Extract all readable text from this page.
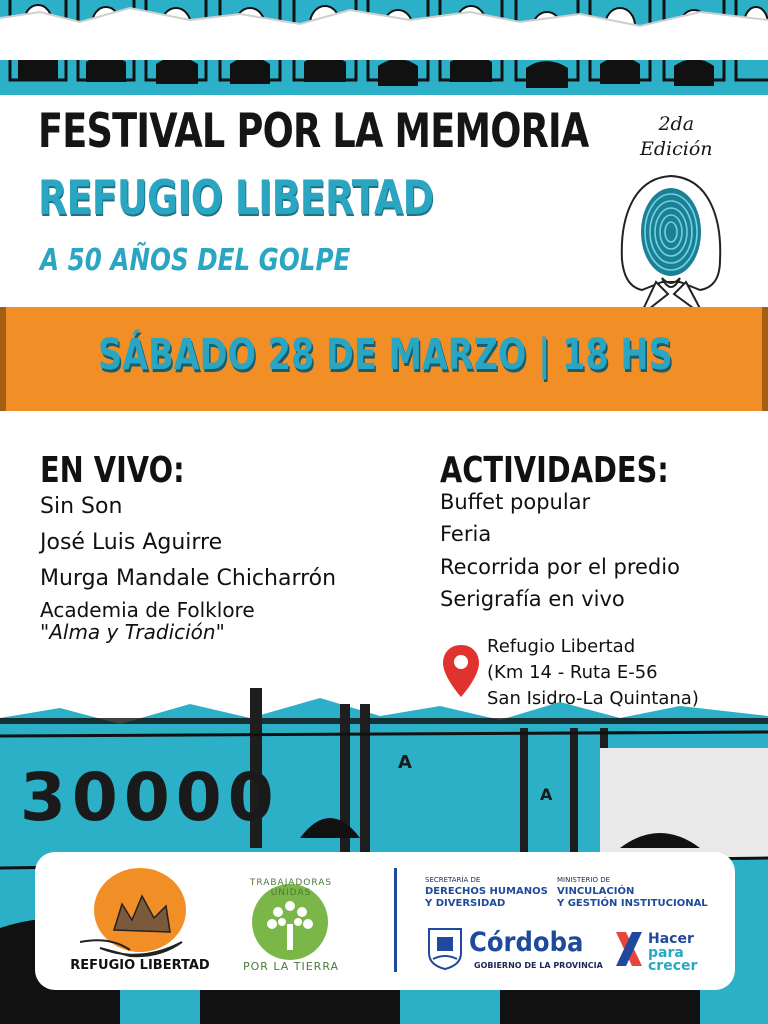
FESTIVAL POR LA MEMORIA	2da
Edición
REFUGIO LIBERTAD
A 50 AÑOS DEL GOLPE
SÁBADO 28 DE MARZO | 18 HS
EN VIVO:
Sin Son
José Luis Aguirre
Murga Mandale Chicharrón
Academia de Folklore
"Alma y Tradición"
ACTIVIDADES:
Buffet popular
Feria
Recorrida por el predio
Serigrafía en vivo
Refugio Libertad
(Km 14 - Ruta E-56
San Isidro-La Quintana)
30000	A
A
REFUGIO LIBERTAD
TRABAJADORAS UNIDAS
POR LA TIERRA
SECRETARÍA DE
DERECHOS HUMANOS
Y DIVERSIDAD
MINISTERIO DE
VINCULACIÓN
Y GESTIÓN INSTITUCIONAL
Córdoba
GOBIERNO DE LA PROVINCIA
Hacer
para
crecer
